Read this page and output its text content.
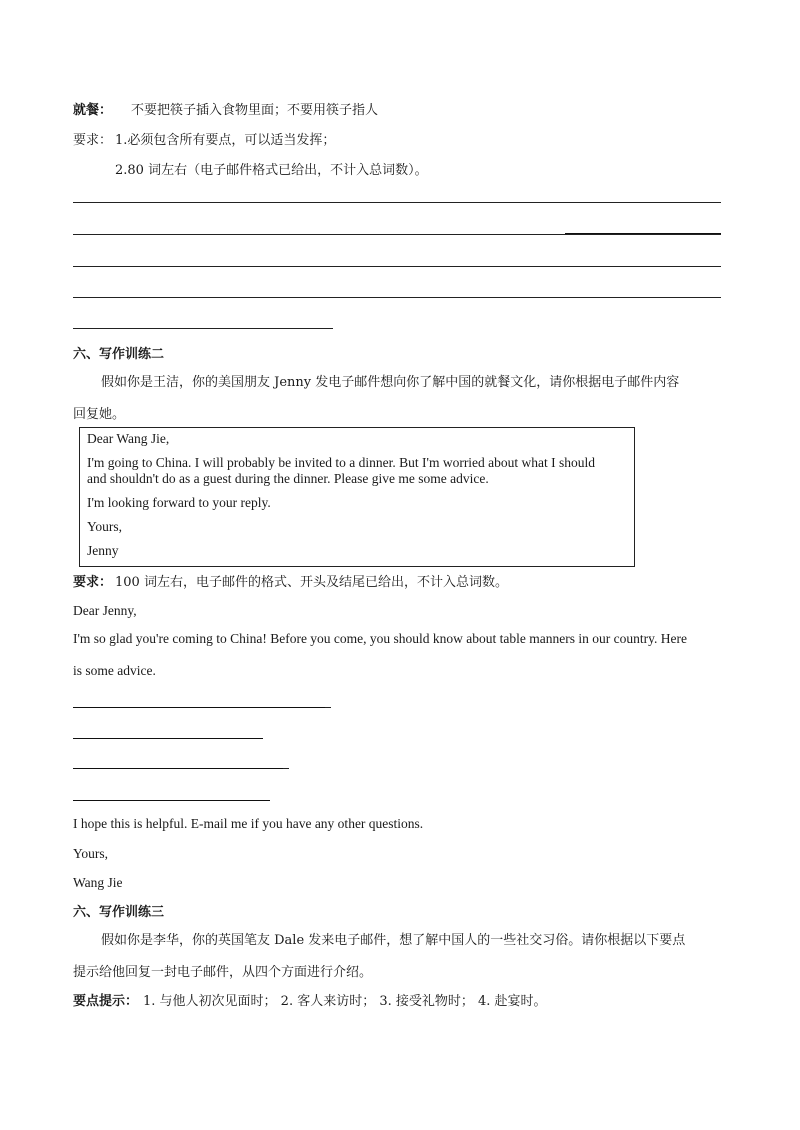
就餐： 不要把筷子插入食物里面；不要用筷子指人
要求： 1.必须包含所有要点，可以适当发挥；
2.80 词左右（电子邮件格式已给出，不计入总词数）。
六、写作训练二
假如你是王洁，你的美国朋友 Jenny 发电子邮件想向你了解中国的就餐文化，请你根据电子邮件内容
回复她。
Dear Wang Jie,
I'm going to China. I will probably be invited to a dinner. But I'm worried about what I should
and shouldn't do as a guest during the dinner. Please give me some advice.
I'm looking forward to your reply.
Yours,
Jenny
要求： 100 词左右，电子邮件的格式、开头及结尾已给出，不计入总词数。
Dear Jenny,
I'm so glad you're coming to China! Before you come, you should know about table manners in our country. Here
is some advice.
I hope this is helpful. E-mail me if you have any other questions.
Yours,
Wang Jie
六、写作训练三
假如你是李华，你的英国笔友 Dale 发来电子邮件，想了解中国人的一些社交习俗。请你根据以下要点
提示给他回复一封电子邮件，从四个方面进行介绍。
要点提示： 1. 与他人初次见面时； 2. 客人来访时； 3. 接受礼物时； 4. 赴宴时。
